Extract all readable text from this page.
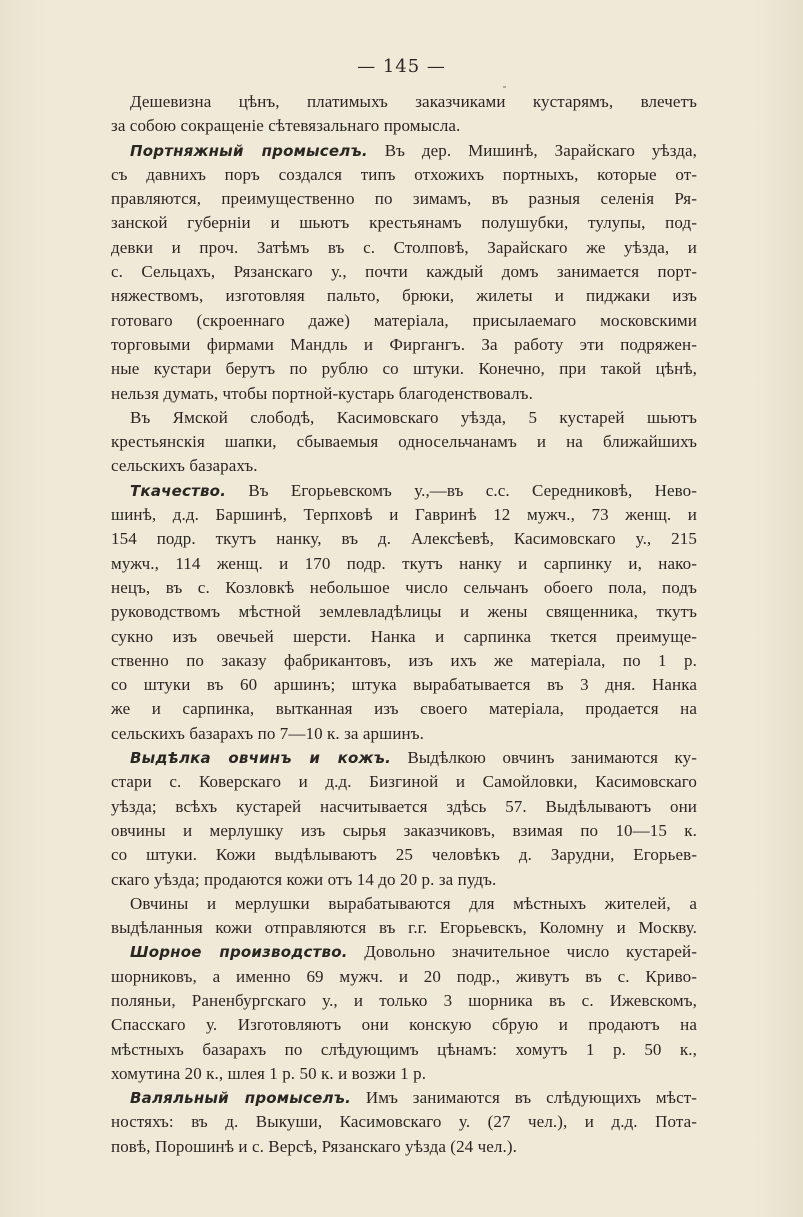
— 145 —
Дешевизна цѣнъ, платимыхъ заказчиками кустарямъ, влечетъ
за собою сокращенiе сѣтевязальнаго промысла.
Портняжный промыселъ. Въ дер. Мишинѣ, Зарайскаго уѣзда,
съ давнихъ поръ создался типъ отхожихъ портныхъ, которые от-
правляются, преимущественно по зимамъ, въ разныя селенiя Ря-
занской губернiи и шьютъ крестьянамъ полушубки, тулупы, под-
девки и проч. Затѣмъ въ с. Столповѣ, Зарайскаго же уѣзда, и
с. Сельцахъ, Рязанскаго у., почти каждый домъ занимается порт-
няжествомъ, изготовляя пальто, брюки, жилеты и пиджаки изъ
готоваго (скроеннаго даже) матерiала, присылаемаго московскими
торговыми фирмами Мандль и Фиргангъ. За работу эти подряжен-
ные кустари берутъ по рублю со штуки. Конечно, при такой цѣнѣ,
нельзя думать, чтобы портной-кустарь благоденствовалъ.
Въ Ямской слободѣ, Касимовскаго уѣзда, 5 кустарей шьютъ
крестьянскiя шапки, сбываемыя односельчанамъ и на ближайшихъ
сельскихъ базарахъ.
Ткачество. Въ Егорьевскомъ у.,—въ с.с. Середниковѣ, Нево-
шинѣ, д.д. Баршинѣ, Терпховѣ и Гавринѣ 12 мужч., 73 женщ. и
154 подр. ткутъ нанку, въ д. Алексѣевѣ, Касимовскаго у., 215
мужч., 114 женщ. и 170 подр. ткутъ нанку и сарпинку и, нако-
нецъ, въ с. Козловкѣ небольшое число сельчанъ обоего пола, подъ
руководствомъ мѣстной землевладѣлицы и жены священника, ткутъ
сукно изъ овечьей шерсти. Нанка и сарпинка ткется преимуще-
ственно по заказу фабрикантовъ, изъ ихъ же матерiала, по 1 р.
со штуки въ 60 аршинъ; штука вырабатывается въ 3 дня. Нанка
же и сарпинка, вытканная изъ своего матерiала, продается на
сельскихъ базарахъ по 7—10 к. за аршинъ.
Выдѣлка овчинъ и кожъ. Выдѣлкою овчинъ занимаются ку-
стари с. Коверскаго и д.д. Бизгиной и Самойловки, Касимовскаго
уѣзда; всѣхъ кустарей насчитывается здѣсь 57. Выдѣлываютъ они
овчины и мерлушку изъ сырья заказчиковъ, взимая по 10—15 к.
со штуки. Кожи выдѣлываютъ 25 человѣкъ д. Зарудни, Егорьев-
скаго уѣзда; продаются кожи отъ 14 до 20 р. за пудъ.
Овчины и мерлушки вырабатываются для мѣстныхъ жителей, а
выдѣланныя кожи отправляются въ г.г. Егорьевскъ, Коломну и Москву.
Шорное производство. Довольно значительное число кустарей-
шорниковъ, а именно 69 мужч. и 20 подр., живутъ въ с. Криво-
поляньи, Раненбургскаго у., и только 3 шорника въ с. Ижевскомъ,
Спасскаго у. Изготовляютъ они конскую сбрую и продаютъ на
мѣстныхъ базарахъ по слѣдующимъ цѣнамъ: хомутъ 1 р. 50 к.,
хомутина 20 к., шлея 1 р. 50 к. и возжи 1 р.
Валяльный промыселъ. Имъ занимаются въ слѣдующихъ мѣст-
ностяхъ: въ д. Выкуши, Касимовскаго у. (27 чел.), и д.д. Пота-
повѣ, Порошинѣ и с. Версѣ, Рязанскаго уѣзда (24 чел.).
